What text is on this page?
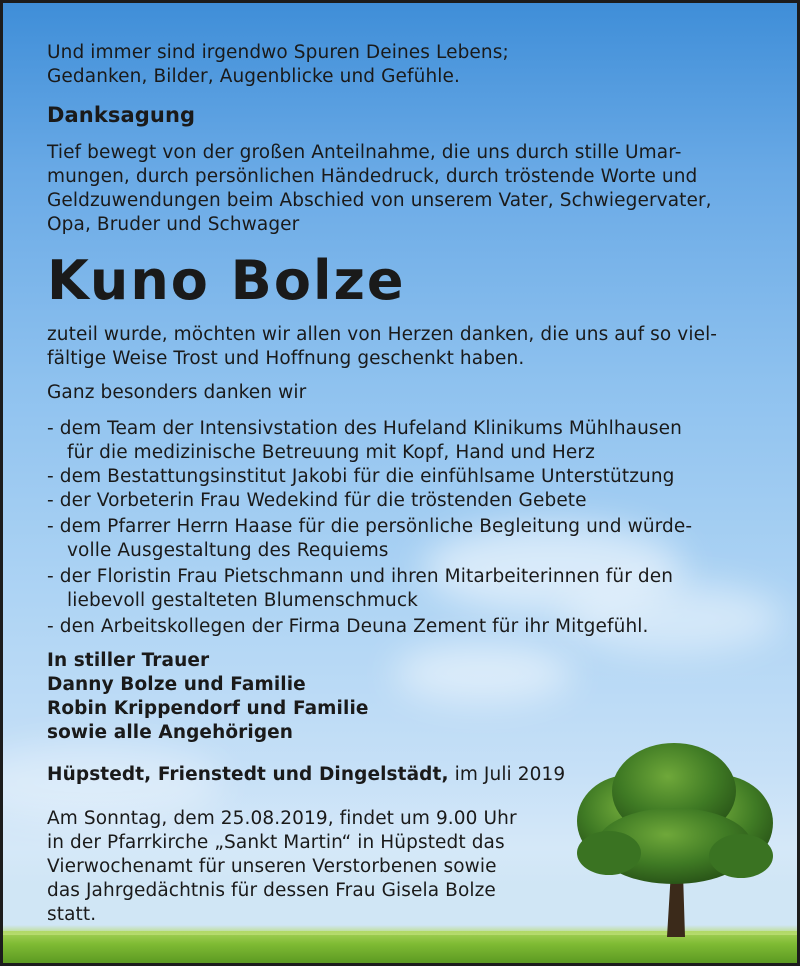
Und immer sind irgendwo Spuren Deines Lebens;

Gedanken, Bilder, Augenblicke und Gefühle.

Danksagung

Tief bewegt von der großen Anteilnahme, die uns durch stille Umar-

mungen, durch persönlichen Händedruck, durch tröstende Worte und

Geldzuwendungen beim Abschied von unserem Vater, Schwiegervater,

Opa, Bruder und Schwager

Kuno Bolze

zuteil wurde, möchten wir allen von Herzen danken, die uns auf so viel-

fältige Weise Trost und Hoffnung geschenkt haben.

Ganz besonders danken wir

- dem Team der Intensivstation des Hufeland Klinikums Mühlhausen

für die medizinische Betreuung mit Kopf, Hand und Herz

- dem Bestattungsinstitut Jakobi für die einfühlsame Unterstützung

- der Vorbeterin Frau Wedekind für die tröstenden Gebete

- dem Pfarrer Herrn Haase für die persönliche Begleitung und würde-

volle Ausgestaltung des Requiems

- der Floristin Frau Pietschmann und ihren Mitarbeiterinnen für den

liebevoll gestalteten Blumenschmuck

- den Arbeitskollegen der Firma Deuna Zement für ihr Mitgefühl.

In stiller Trauer

Danny Bolze und Familie

Robin Krippendorf und Familie

sowie alle Angehörigen

Hüpstedt, Frienstedt und Dingelstädt, im Juli 2019

Am Sonntag, dem 25.08.2019, findet um 9.00 Uhr

in der Pfarrkirche „Sankt Martin“ in Hüpstedt das

Vierwochenamt für unseren Verstorbenen sowie

das Jahrgedächtnis für dessen Frau Gisela Bolze

statt.
